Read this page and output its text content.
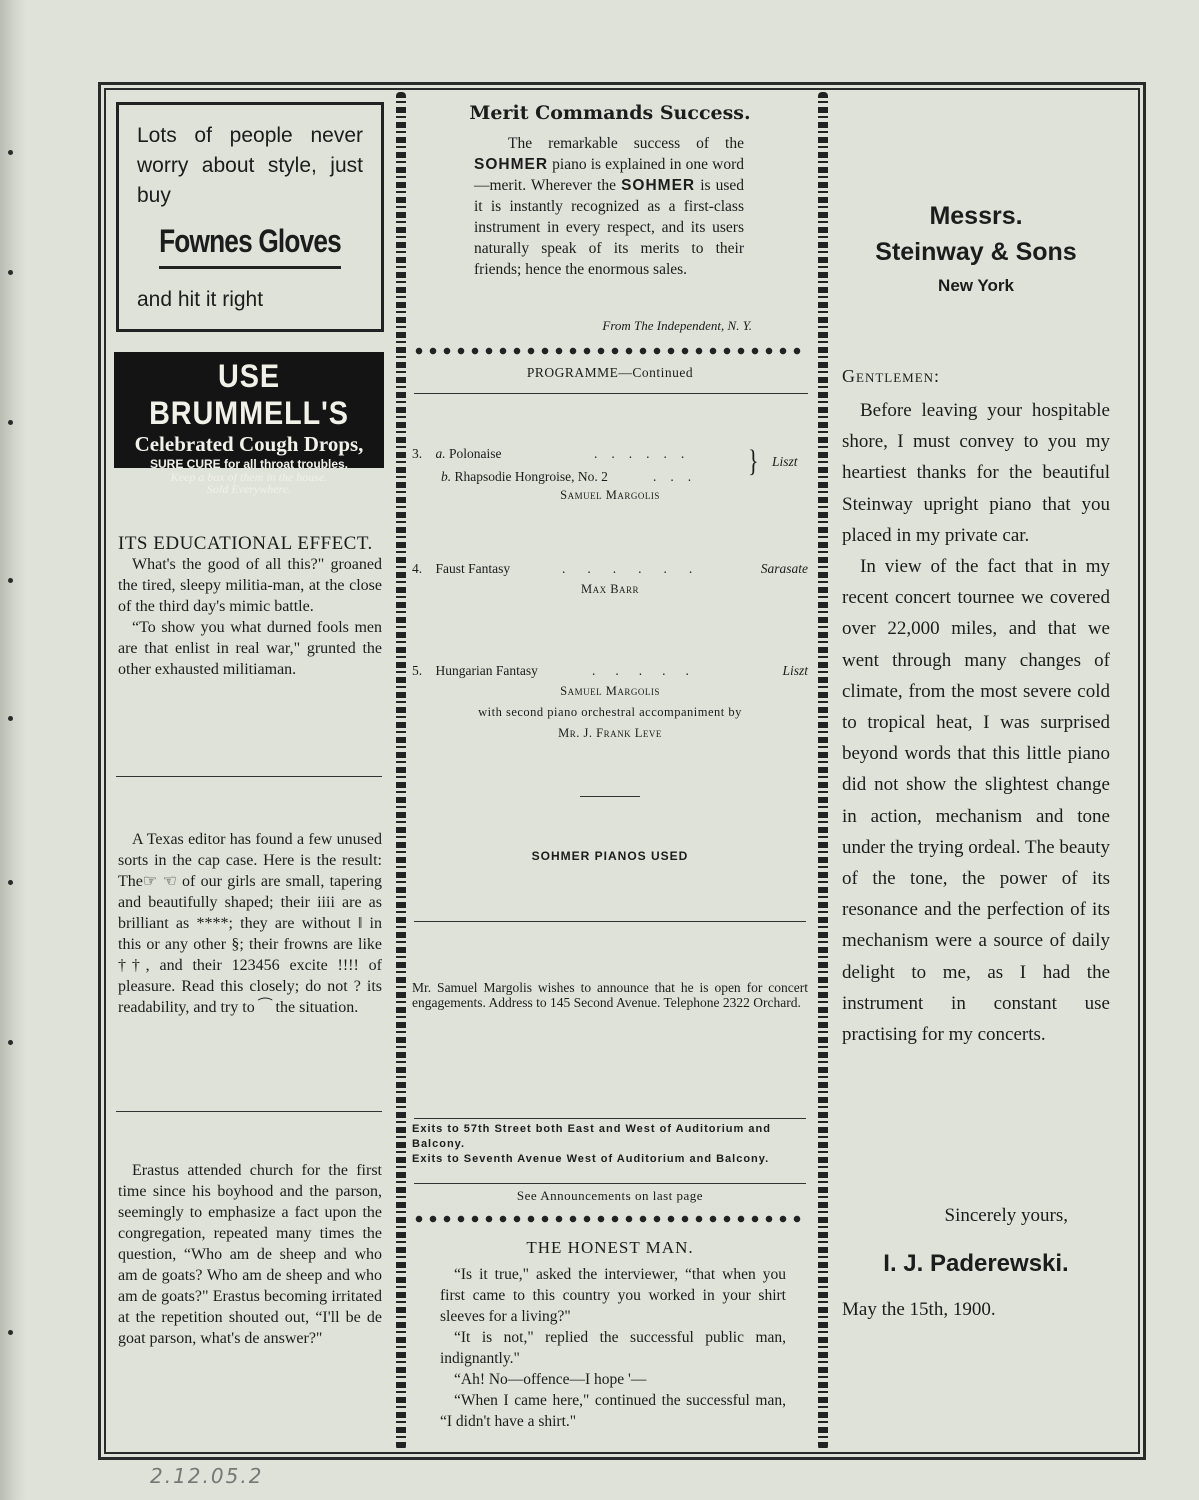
Lots of people never worry about style, just buy
Fownes Gloves
and hit it right
USE BRUMMELL'S
Celebrated Cough Drops,
SURE CURE for all throat troubles.
Keep a box of them in the house.
Sold Everywhere.
ITS EDUCATIONAL EFFECT.

What's the good of all this?" groaned the tired, sleepy militia-man, at the close of the third day's mimic battle.

“To show you what durned fools men are that enlist in real war," grunted the other exhausted militiaman.

A Texas editor has found a few unused sorts in the cap case. Here is the result: The☞ ☜ of our girls are small, tapering and beautifully shaped; their iiii are as brilliant as ****; they are without ‖ in this or any other §; their frowns are like ††, and their 123456 excite !!!! of pleasure. Read this closely; do not ? its readability, and try to ⁀ the situation.

Erastus attended church for the first time since his boyhood and the parson, seemingly to emphasize a fact upon the congregation, repeated many times the question, “Who am de sheep and who am de goats? Who am de sheep and who am de goats?" Erastus becoming irritated at the repetition shouted out, “I'll be de goat parson, what's de answer?"

Merit Commands Success.
The remarkable success of the SOHMER piano is explained in one word—merit. Wherever the SOHMER is used it is instantly recognized as a first-class instrument in every respect, and its users naturally speak of its merits to their friends; hence the enormous sales.
From The Independent, N. Y.
PROGRAMME—Continued
3. a. Polonaise	...... } Liszt
b. Rhapsodie Hongroise, No. 2	...
Samuel Margolis
4. Faust Fantasy	......	Sarasate
Max Barr
5. Hungarian Fantasy	.....	Liszt
Samuel Margolis
with second piano orchestral accompaniment by
Mr. J. Frank Leve
SOHMER PIANOS USED
Mr. Samuel Margolis wishes to announce that he is open for concert engagements. Address to 145 Second Avenue. Telephone 2322 Orchard.
Exits to 57th Street both East and West of Auditorium and Balcony.
Exits to Seventh Avenue West of Auditorium and Balcony.
See Announcements on last page
THE HONEST MAN.

“Is it true," asked the interviewer, “that when you first came to this country you worked in your shirt sleeves for a living?"

“It is not," replied the successful public man, indignantly."

“Ah! No—offence—I hope '—

“When I came here," continued the successful man, “I didn't have a shirt."

Messrs.
Steinway & Sons
New York
Gentlemen:

Before leaving your hospitable shore, I must convey to you my heartiest thanks for the beautiful Steinway upright piano that you placed in my private car.

In view of the fact that in my recent concert tournee we covered over 22,000 miles, and that we went through many changes of climate, from the most severe cold to tropical heat, I was surprised beyond words that this little piano did not show the slightest change in action, mechanism and tone under the trying ordeal. The beauty of the tone, the power of its resonance and the perfection of its mechanism were a source of daily delight to me, as I had the instrument in constant use practising for my concerts.

Sincerely yours,
I. J. Paderewski.
May the 15th, 1900.
2.12.05.2
